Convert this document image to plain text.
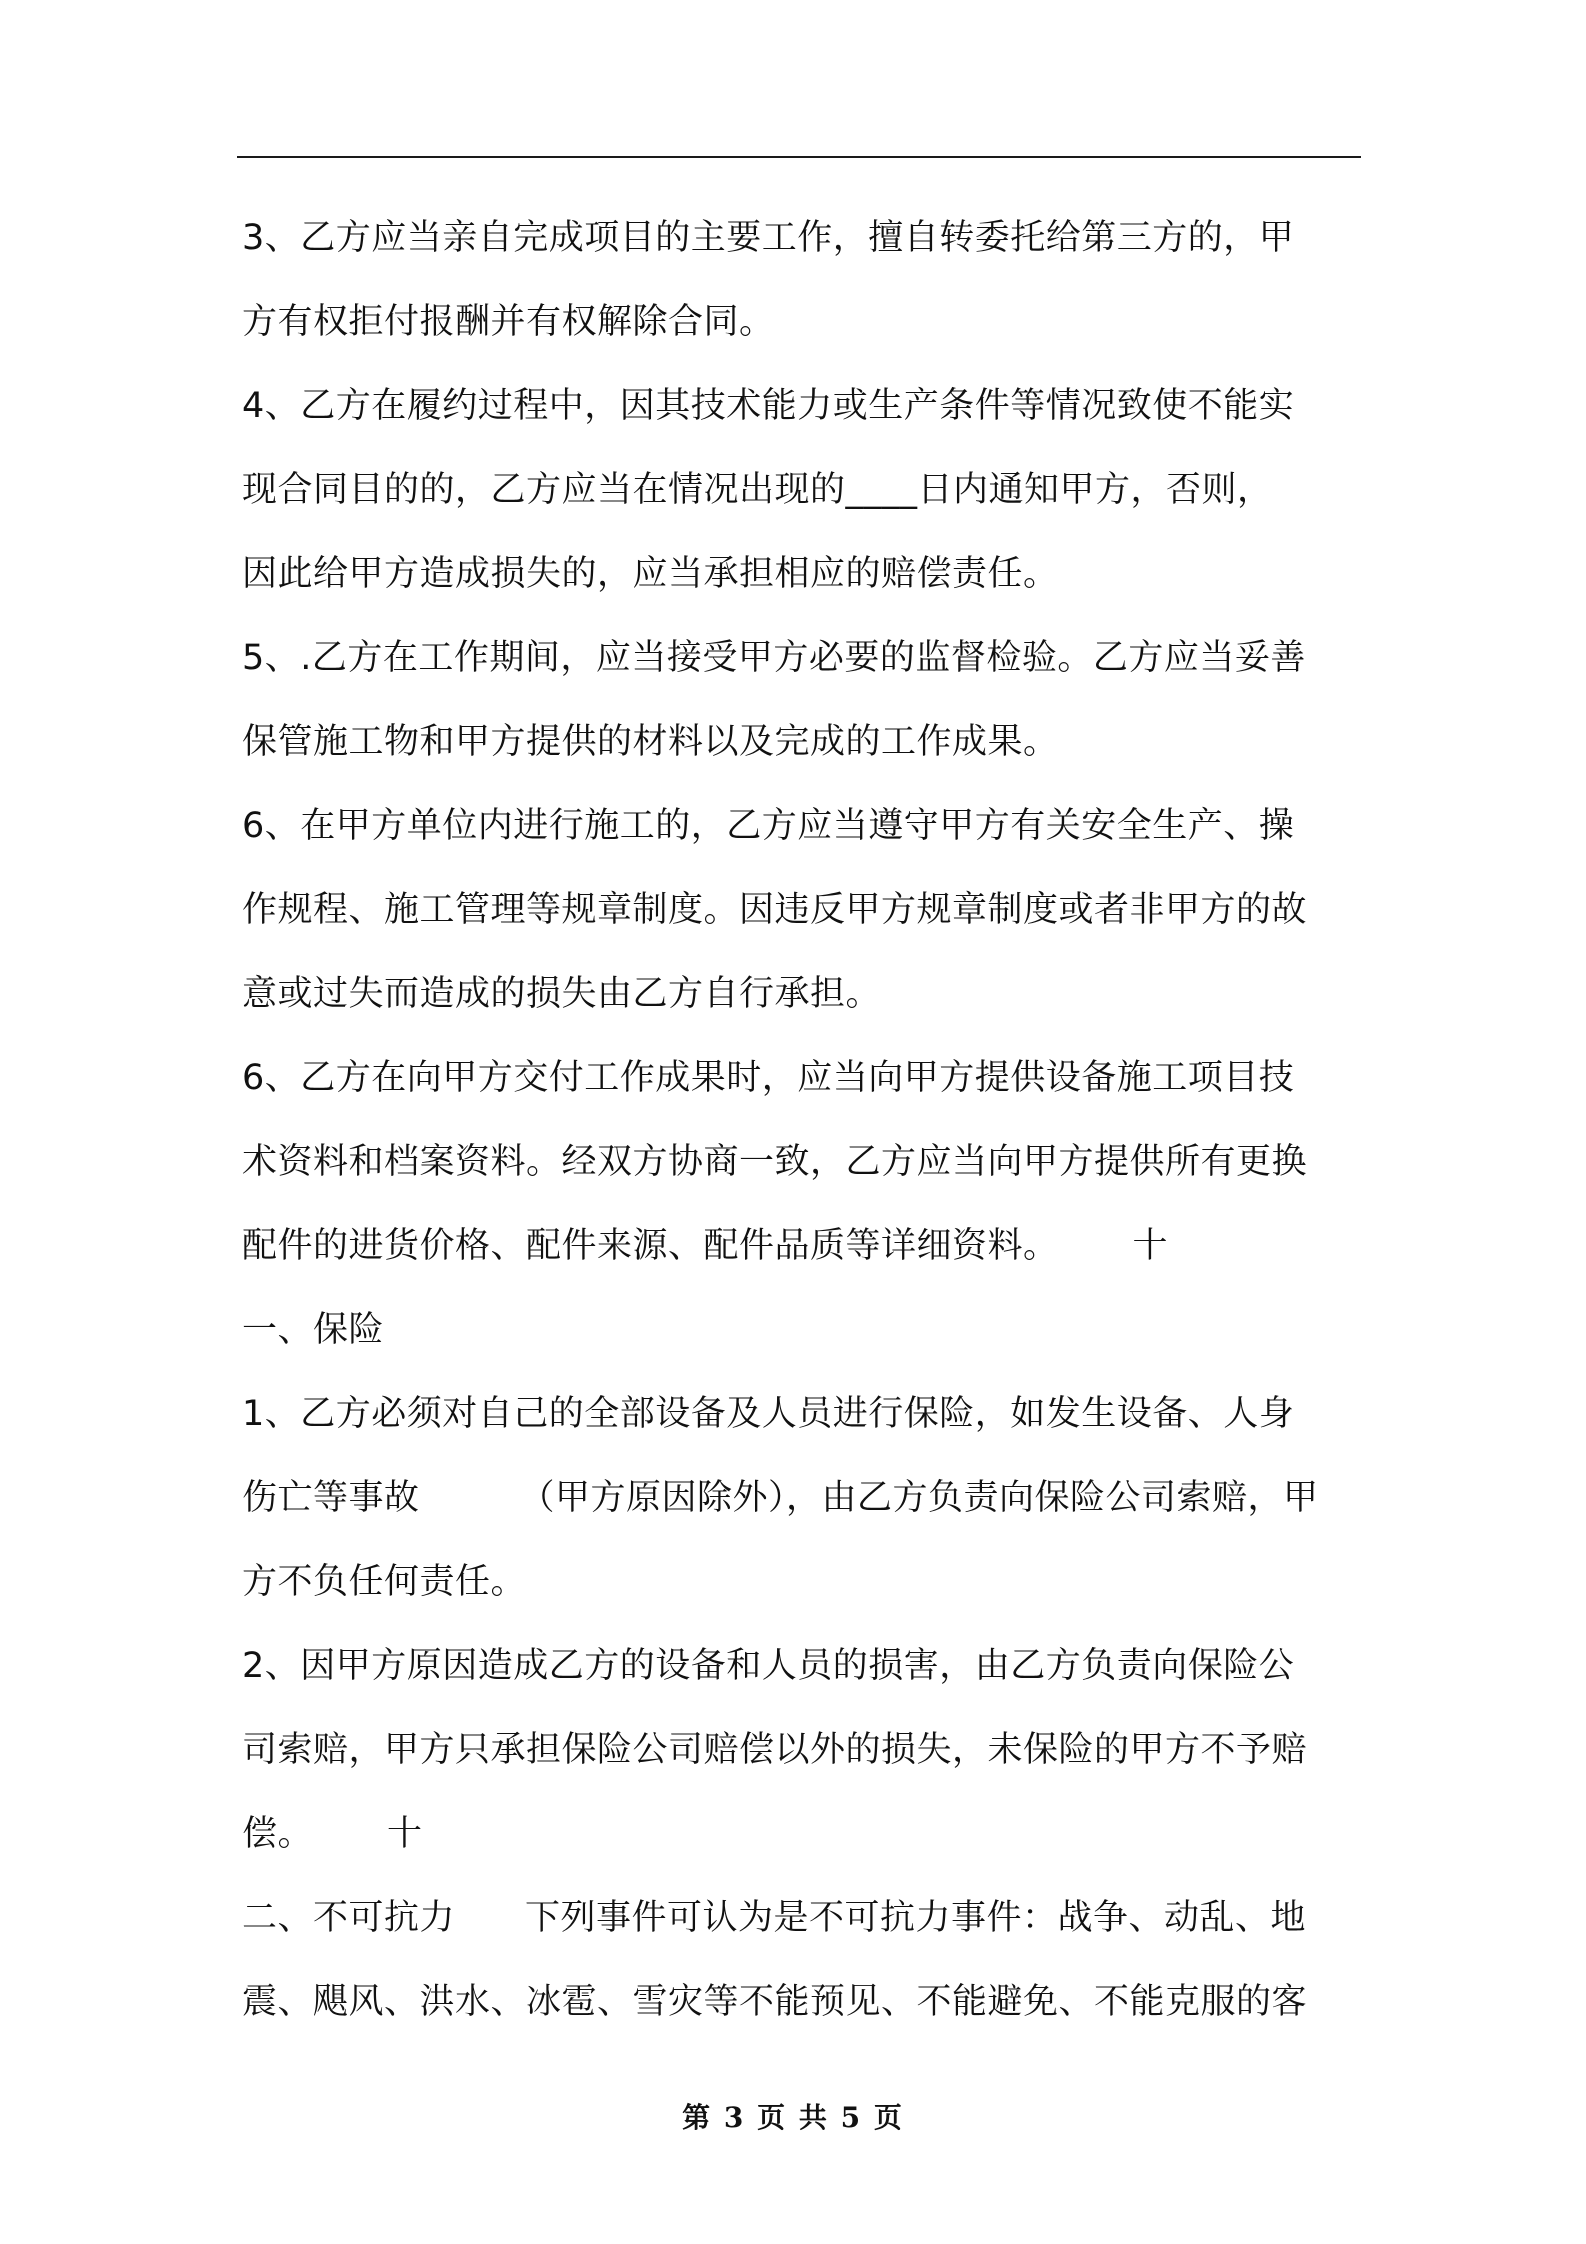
3、乙方应当亲自完成项目的主要工作，擅自转委托给第三方的，甲
方有权拒付报酬并有权解除合同。
4、乙方在履约过程中，因其技术能力或生产条件等情况致使不能实
现合同目的的，乙方应当在情况出现的____日内通知甲方，否则，
因此给甲方造成损失的，应当承担相应的赔偿责任。
5、.乙方在工作期间，应当接受甲方必要的监督检验。乙方应当妥善
保管施工物和甲方提供的材料以及完成的工作成果。
6、在甲方单位内进行施工的，乙方应当遵守甲方有关安全生产、操
作规程、施工管理等规章制度。因违反甲方规章制度或者非甲方的故
意或过失而造成的损失由乙方自行承担。
6、乙方在向甲方交付工作成果时，应当向甲方提供设备施工项目技
术资料和档案资料。经双方协商一致，乙方应当向甲方提供所有更换
配件的进货价格、配件来源、配件品质等详细资料。 十
一、保险
1、乙方必须对自己的全部设备及人员进行保险，如发生设备、人身
伤亡等事故	（甲方原因除外），由乙方负责向保险公司索赔，甲
方不负任何责任。
2、因甲方原因造成乙方的设备和人员的损害，由乙方负责向保险公
司索赔，甲方只承担保险公司赔偿以外的损失，未保险的甲方不予赔
偿。 十
二、不可抗力 下列事件可认为是不可抗力事件：战争、动乱、地
震、飓风、洪水、冰雹、雪灾等不能预见、不能避免、不能克服的客
第 3 页 共 5 页
